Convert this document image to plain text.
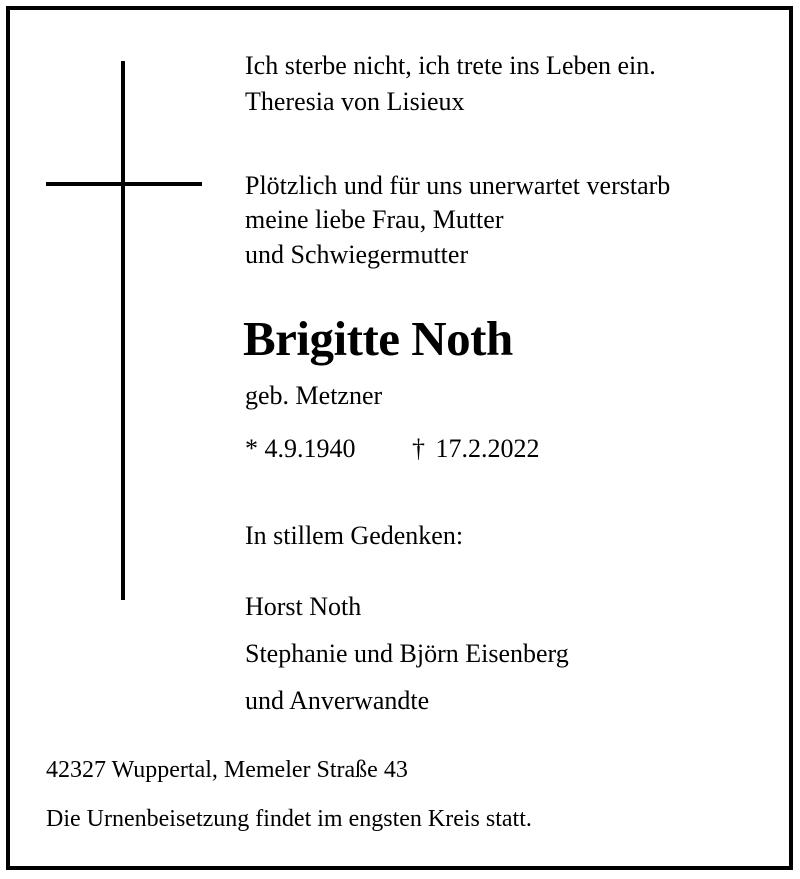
Ich sterbe nicht, ich trete ins Leben ein.
Theresia von Lisieux
Plötzlich und für uns unerwartet verstarb
meine liebe Frau, Mutter
und Schwiegermutter
Brigitte Noth
geb. Metzner
* 4.9.1940 † 17.2.2022
In stillem Gedenken:
Horst Noth
Stephanie und Björn Eisenberg
und Anverwandte
42327 Wuppertal, Memeler Straße 43
Die Urnenbeisetzung findet im engsten Kreis statt.
